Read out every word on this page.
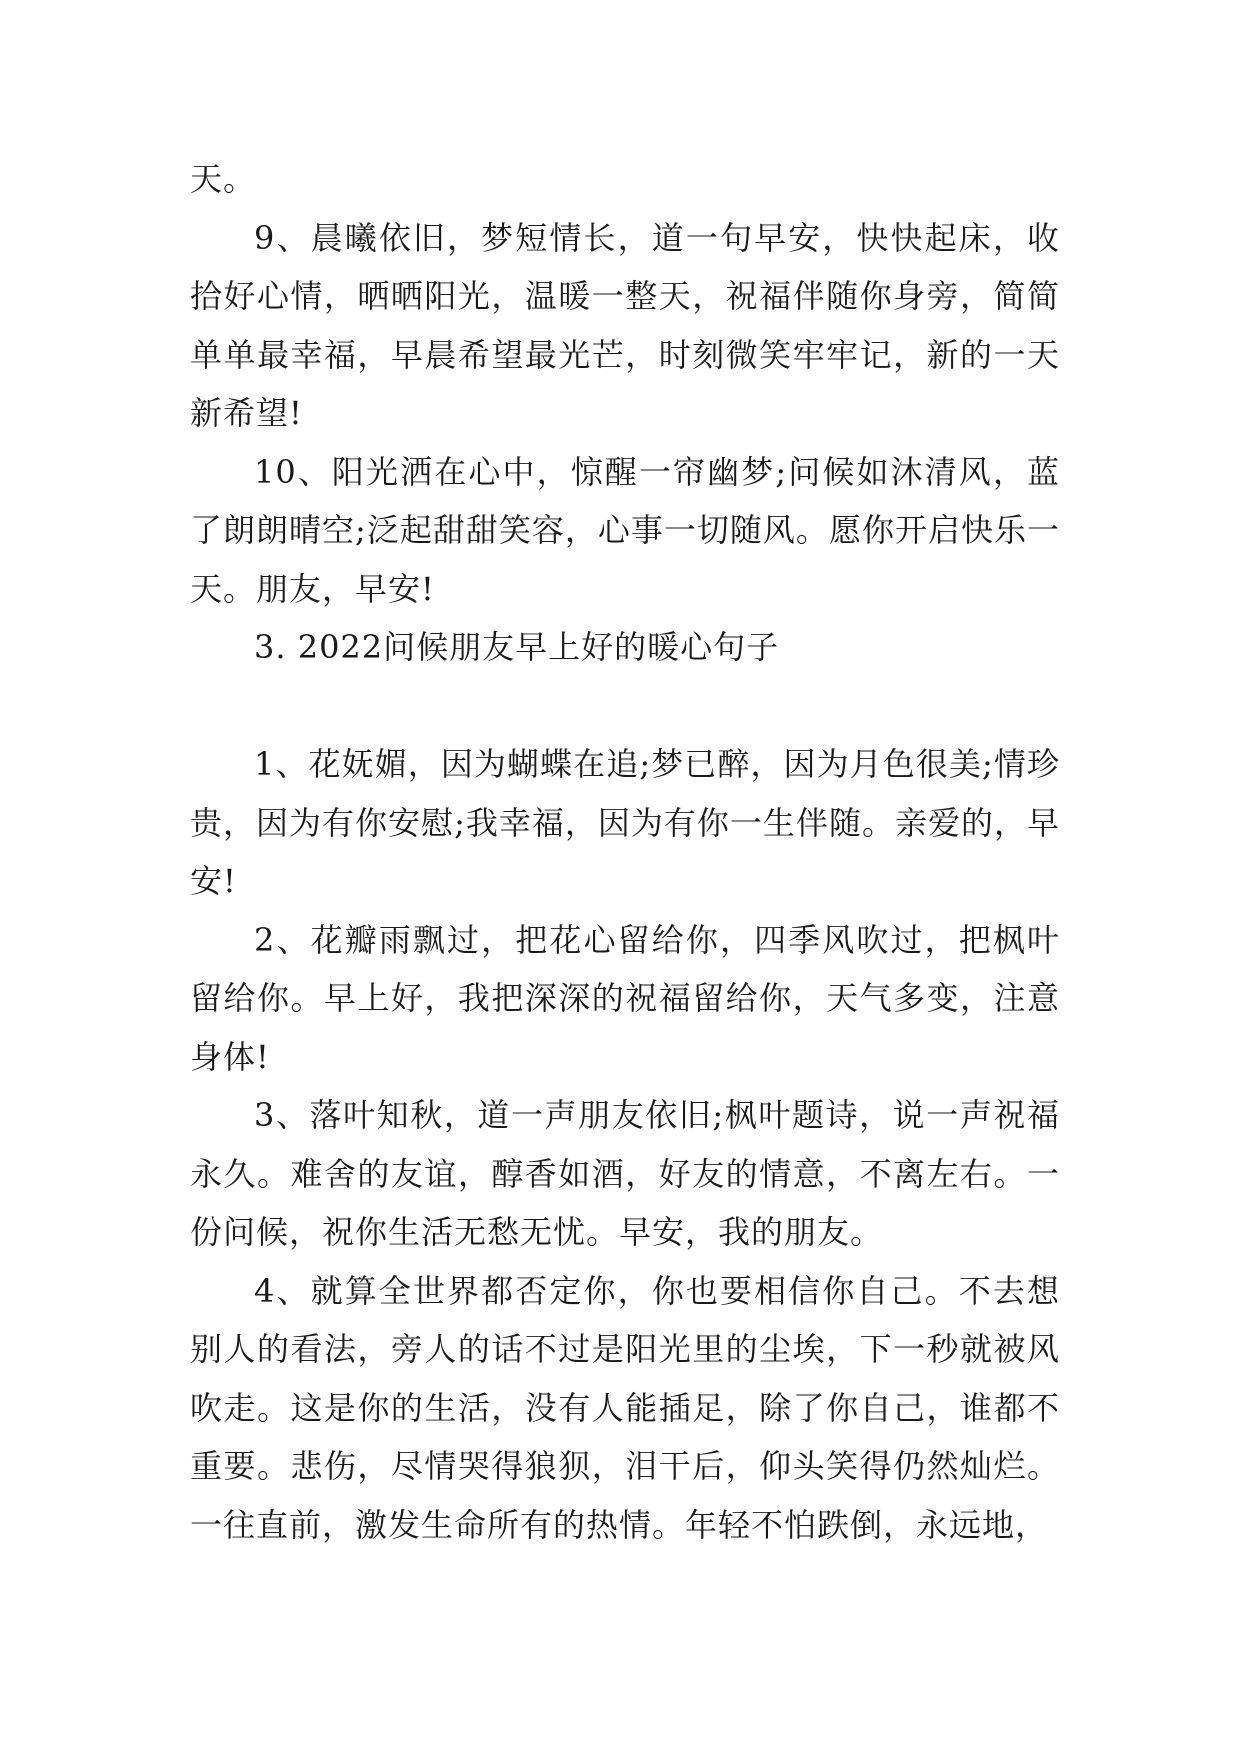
天。

9、晨曦依旧，梦短情长，道一句早安，快快起床，收拾好心情，晒晒阳光，温暖一整天，祝福伴随你身旁，简简单单最幸福，早晨希望最光芒，时刻微笑牢牢记，新的一天新希望!

10、阳光洒在心中，惊醒一帘幽梦;问候如沐清风，蓝了朗朗晴空;泛起甜甜笑容，心事一切随风。愿你开启快乐一天。朋友，早安!

3. 2022问候朋友早上好的暖心句子

1、花妩媚，因为蝴蝶在追;梦已醉，因为月色很美;情珍贵，因为有你安慰;我幸福，因为有你一生伴随。亲爱的，早安!

2、花瓣雨飘过，把花心留给你，四季风吹过，把枫叶留给你。早上好，我把深深的祝福留给你，天气多变，注意身体!

3、落叶知秋，道一声朋友依旧;枫叶题诗，说一声祝福永久。难舍的友谊，醇香如酒，好友的情意，不离左右。一份问候，祝你生活无愁无忧。早安，我的朋友。

4、就算全世界都否定你，你也要相信你自己。不去想别人的看法，旁人的话不过是阳光里的尘埃，下一秒就被风吹走。这是你的生活，没有人能插足，除了你自己，谁都不重要。悲伤，尽情哭得狼狈，泪干后，仰头笑得仍然灿烂。一往直前，激发生命所有的热情。年轻不怕跌倒，永远地，
